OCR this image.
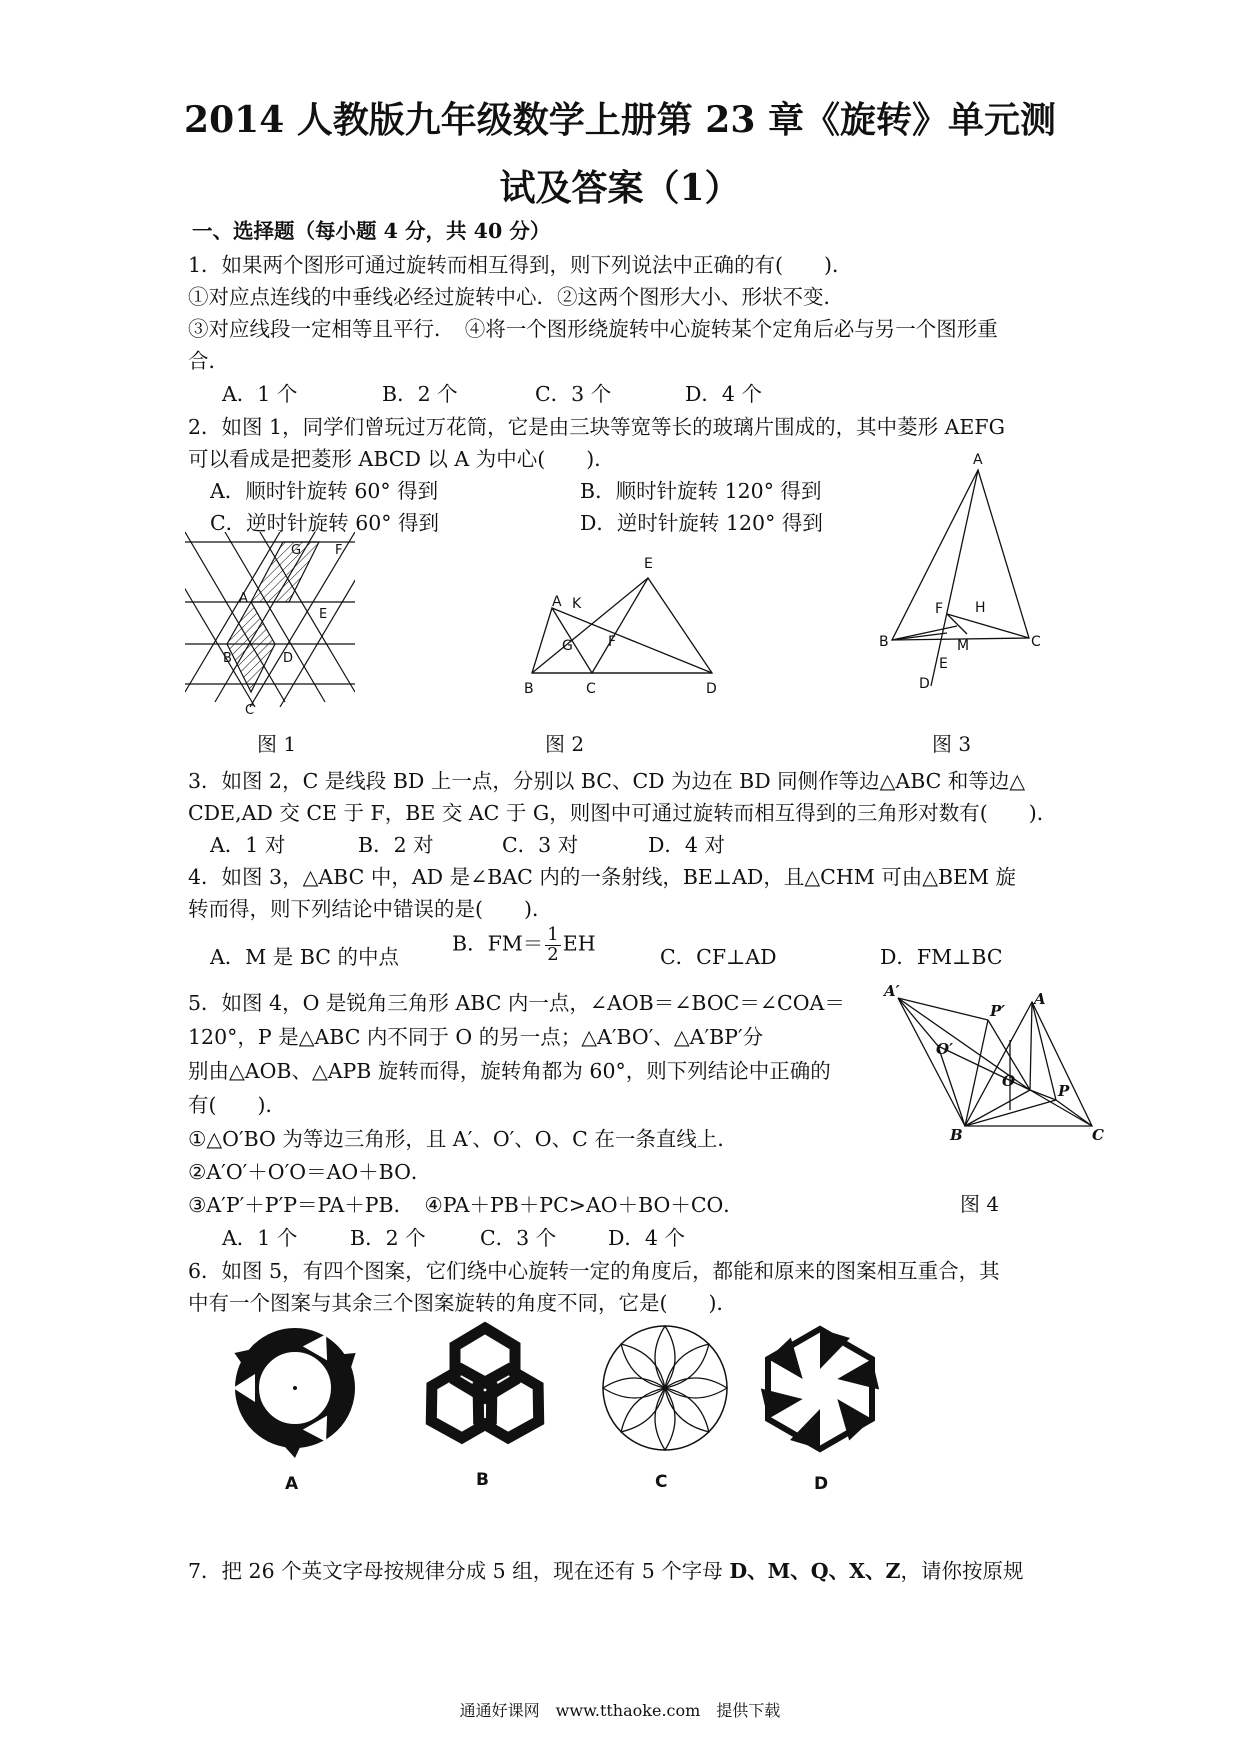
2014 人教版九年级数学上册第 23 章《旋转》单元测
试及答案（1）
一、选择题（每小题 4 分，共 40 分）
1．如果两个图形可通过旋转而相互得到，则下列说法中正确的有(　　)．
①对应点连线的中垂线必经过旋转中心．②这两个图形大小、形状不变．
③对应线段一定相等且平行．　④将一个图形绕旋转中心旋转某个定角后必与另一个图形重
合．
A．1 个	B．2 个	C．3 个	D．4 个
2．如图 1，同学们曾玩过万花筒，它是由三块等宽等长的玻璃片围成的，其中菱形 AEFG
可以看成是把菱形 ABCD 以 A 为中心(　　)．
A．顺时针旋转 60° 得到	B．顺时针旋转 120° 得到
C．逆时针旋转 60° 得到	D．逆时针旋转 120° 得到
G	F
A
E
B	D
C
E
A K
G	F
B	C	D
A
F H
B	M	C
E
D
图 1	图 2	图 3
3．如图 2，C 是线段 BD 上一点，分别以 BC、CD 为边在 BD 同侧作等边△ABC 和等边△
CDE,AD 交 CE 于 F，BE 交 AC 于 G，则图中可通过旋转而相互得到的三角形对数有(　　)．
A．1 对	B．2 对	C．3 对	D．4 对
4．如图 3，△ABC 中，AD 是∠BAC 内的一条射线，BE⊥AD，且△CHM 可由△BEM 旋
转而得，则下列结论中错误的是(　　)．
A．M 是 BC 的中点
B．$FM= \frac{1}{2}$ EH
C．CF⊥AD	D．FM⊥BC
5．如图 4，O 是锐角三角形 ABC 内一点，∠AOB＝∠BOC＝∠COA＝
120°，P 是△ABC 内不同于 O 的另一点；△A′BO′、△A′BP′分
别由△AOB、△APB 旋转而得，旋转角都为 60°，则下列结论中正确的
有(　　)．
①△O′BO 为等边三角形，且 A′、O′、O、C 在一条直线上．
②A′O′＋O′O＝AO＋BO．
③A′P′＋P′P＝PA＋PB．　④PA＋PB＋PC>AO＋BO＋CO．
A．1 个	B．2 个	C．3 个	D．4 个
A′
P′
A
O′
O
P
B	C
图 4
6．如图 5，有四个图案，它们绕中心旋转一定的角度后，都能和原来的图案相互重合，其
中有一个图案与其余三个图案旋转的角度不同，它是(　　)．
A	B	C	D
7．把 26 个英文字母按规律分成 5 组，现在还有 5 个字母 D、M、Q、X、Z，请你按原规
通通好课网　www.tthaoke.com　提供下载
